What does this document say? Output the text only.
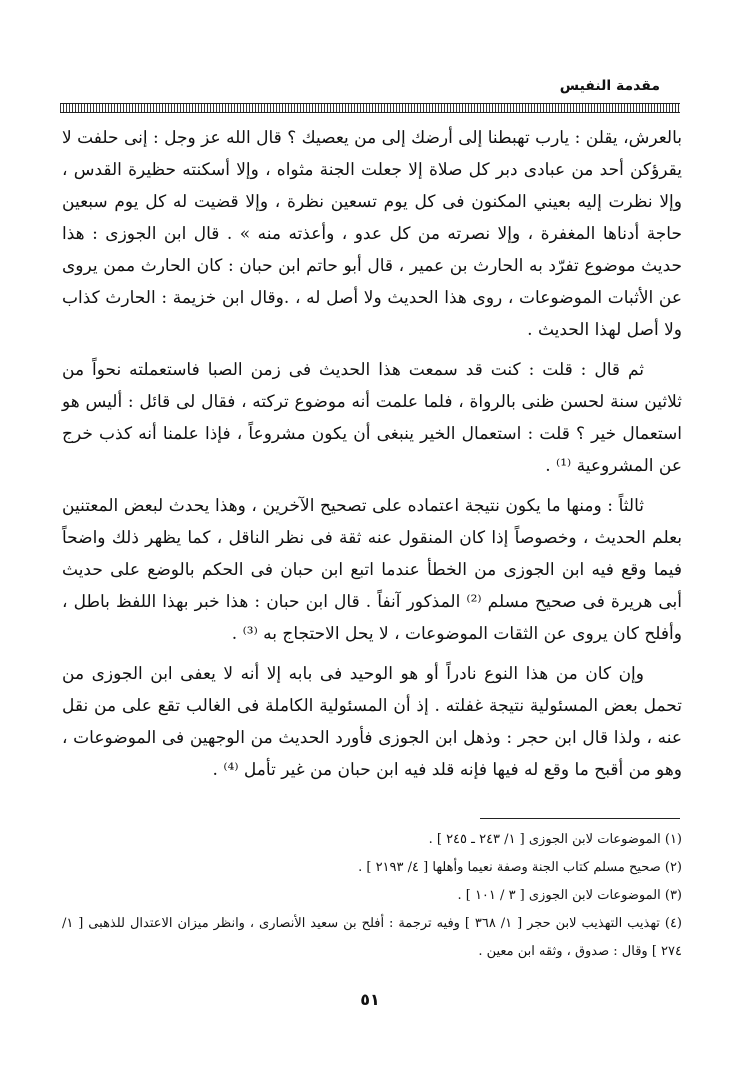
مقدمة النفيس

بالعرش، يقلن : يارب تهبطنا إلى أرضك إلى من يعصيك ؟ قال الله عز وجل : إنى حلفت لا يقرؤكن أحد من عبادى دبر كل صلاة إلا جعلت الجنة مثواه ، وإلا أسكنته حظيرة القدس ، وإلا نظرت إليه بعيني المكنون فى كل يوم تسعين نظرة ، وإلا قضيت له كل يوم سبعين حاجة أدناها المغفرة ، وإلا نصرته من كل عدو ، وأعذته منه » . قال ابن الجوزى : هذا حديث موضوع تفرّد به الحارث بن عمير ، قال أبو حاتم ابن حبان : كان الحارث ممن يروى عن الأثبات الموضوعات ، روى هذا الحديث ولا أصل له ، .وقال ابن خزيمة : الحارث كذاب ولا أصل لهذا الحديث .

ثم قال : قلت : كنت قد سمعت هذا الحديث فى زمن الصبا فاستعملته نحواً من ثلاثين سنة لحسن ظنى بالرواة ، فلما علمت أنه موضوع تركته ، فقال لى قائل : أليس هو استعمال خير ؟ قلت : استعمال الخير ينبغى أن يكون مشروعاً ، فإذا علمنا أنه كذب خرج عن المشروعية ⁽¹⁾ .

ثالثاً : ومنها ما يكون نتيجة اعتماده على تصحيح الآخرين ، وهذا يحدث لبعض المعتنين بعلم الحديث ، وخصوصاً إذا كان المنقول عنه ثقة فى نظر الناقل ، كما يظهر ذلك واضحاً فيما وقع فيه ابن الجوزى من الخطأ عندما اتبع ابن حبان فى الحكم بالوضع على حديث أبى هريرة فى صحيح مسلم ⁽²⁾ المذكور آنفاً . قال ابن حبان : هذا خبر بهذا اللفظ باطل ، وأفلح كان يروى عن الثقات الموضوعات ، لا يحل الاحتجاج به ⁽³⁾ .

وإن كان من هذا النوع نادراً أو هو الوحيد فى بابه إلا أنه لا يعفى ابن الجوزى من تحمل بعض المسئولية نتيجة غفلته . إذ أن المسئولية الكاملة فى الغالب تقع على من نقل عنه ، ولذا قال ابن حجر : وذهل ابن الجوزى فأورد الحديث من الوجهين فى الموضوعات ، وهو من أقبح ما وقع له فيها فإنه قلد فيه ابن حبان من غير تأمل ⁽⁴⁾ .

(١) الموضوعات لابن الجوزى [ ١/ ٢٤٣ ـ ٢٤٥ ] .

(٢) صحيح مسلم كتاب الجنة وصفة نعيما وأهلها [ ٤/ ٢١٩٣ ] .

(٣) الموضوعات لابن الجوزى [ ٣ / ١٠١ ] .

(٤) تهذيب التهذيب لابن حجر [ ١/ ٣٦٨ ] وفيه ترجمة : أفلح بن سعيد الأنصارى ، وانظر ميزان الاعتدال للذهبى [ ١/ ٢٧٤ ] وقال : صدوق ، وثقه ابن معين .

٥١
